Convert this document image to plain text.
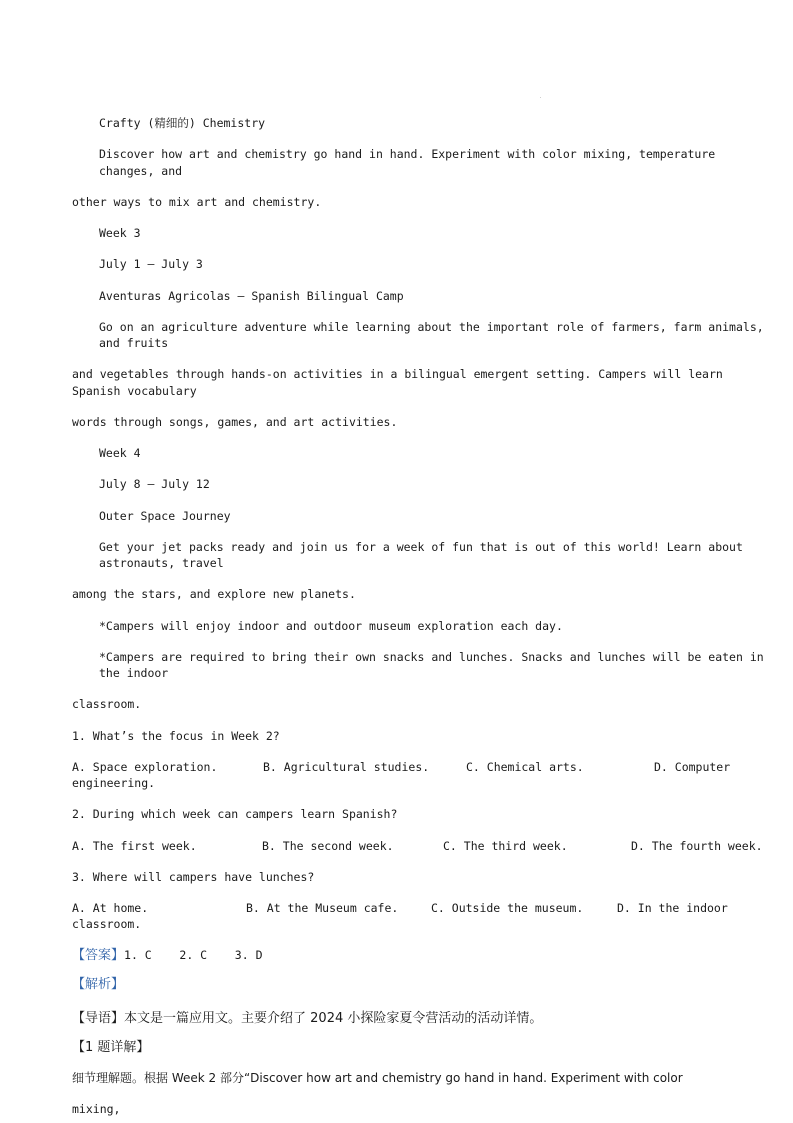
Crafty (精细的) Chemistry
Discover how art and chemistry go hand in hand. Experiment with color mixing, temperature
changes, and
other ways to mix art and chemistry.
Week 3
July 1 — July 3
Aventuras Agricolas — Spanish Bilingual Camp
Go on an agriculture adventure while learning about the important role of farmers, farm animals,
and fruits
and vegetables through hands-on activities in a bilingual emergent setting. Campers will learn
Spanish vocabulary
words through songs, games, and art activities.
Week 4
July 8 — July 12
Outer Space Journey
Get your jet packs ready and join us for a week of fun that is out of this world! Learn about
astronauts, travel
among the stars, and explore new planets.
*Campers will enjoy indoor and outdoor museum exploration each day.
*Campers are required to bring their own snacks and lunches. Snacks and lunches will be eaten in
the indoor
classroom.
1. What’s the focus in Week 2?
A. Space exploration.	B. Agricultural studies.	C. Chemical arts.	D. Computer
engineering.
2. During which week can campers learn Spanish?
A. The first week.	B. The second week.	C. The third week.	D. The fourth week.
3. Where will campers have lunches?
A. At home.	B. At the Museum cafe.	C. Outside the museum.	D. In the indoor
classroom.
【答案】1. C    2. C    3. D
【解析】
【导语】本文是一篇应用文。主要介绍了 2024 小探险家夏令营活动的活动详情。
【1 题详解】
细节理解题。根据 Week 2 部分“Discover how art and chemistry go hand in hand. Experiment with color
mixing,
